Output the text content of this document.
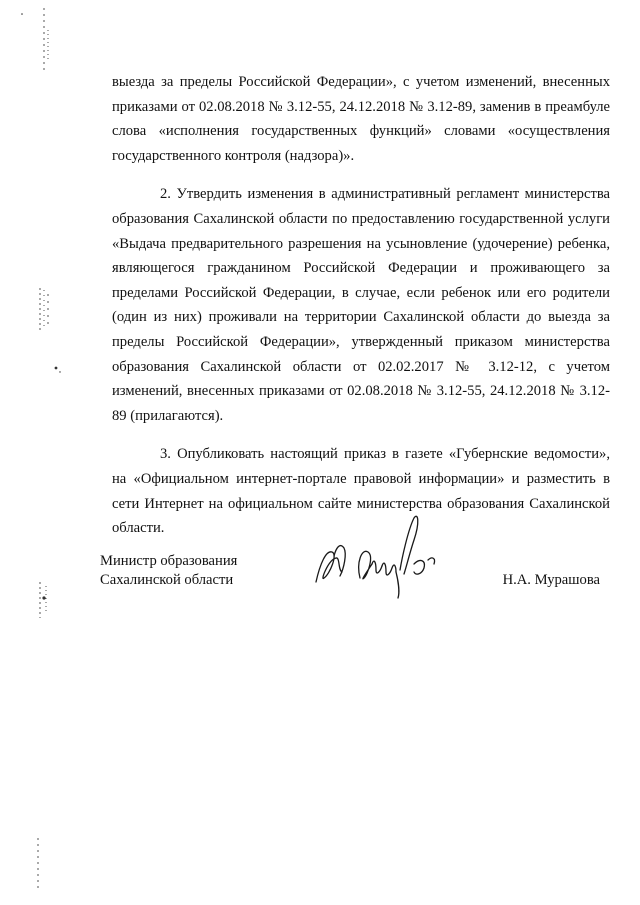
выезда за пределы Российской Федерации», с учетом изменений, внесенных приказами от 02.08.2018 № 3.12-55, 24.12.2018 № 3.12-89, заменив в преамбуле слова «исполнения государственных функций» словами «осуществления государственного контроля (надзора)».

2. Утвердить изменения в административный регламент министерства образования Сахалинской области по предоставлению государственной услуги «Выдача предварительного разрешения на усыновление (удочерение) ребенка, являющегося гражданином Российской Федерации и проживающего за пределами Российской Федерации, в случае, если ребенок или его родители (один из них) проживали на территории Сахалинской области до выезда за пределы Российской Федерации», утвержденный приказом министерства образования Сахалинской области от 02.02.2017 № 3.12-12, с учетом изменений, внесенных приказами от 02.08.2018 № 3.12-55, 24.12.2018 № 3.12-89 (прилагаются).

3. Опубликовать настоящий приказ в газете «Губернские ведомости», на «Официальном интернет-портале правовой информации» и разместить в сети Интернет на официальном сайте министерства образования Сахалинской области.

Министр образования
Сахалинской области	Н.А. Мурашова
